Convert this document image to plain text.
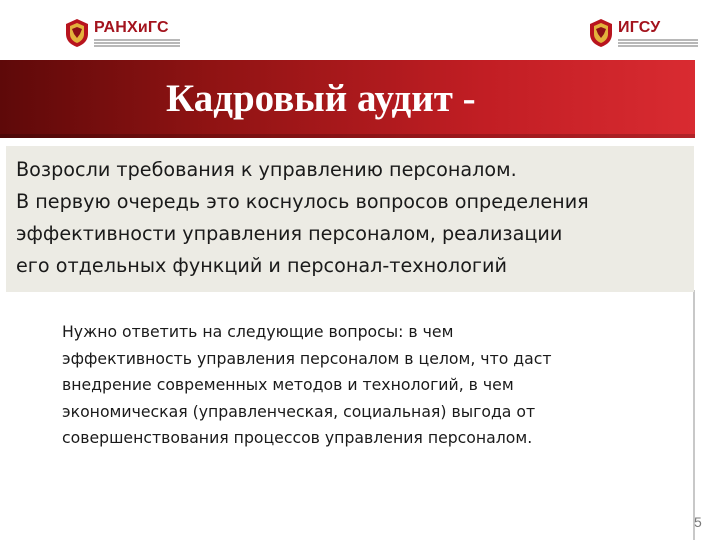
РАНХиГС	ИГСУ
Кадровый аудит -

Возросли требования к управлению персоналом.

В первую очередь это коснулось вопросов определения

эффективности управления персоналом, реализации

его отдельных функций и персонал-технологий

Нужно ответить на следующие вопросы: в чем

эффективность управления персоналом в целом, что даст

внедрение современных методов и технологий, в чем

экономическая (управленческая, социальная) выгода от

совершенствования процессов управления персоналом.

5
